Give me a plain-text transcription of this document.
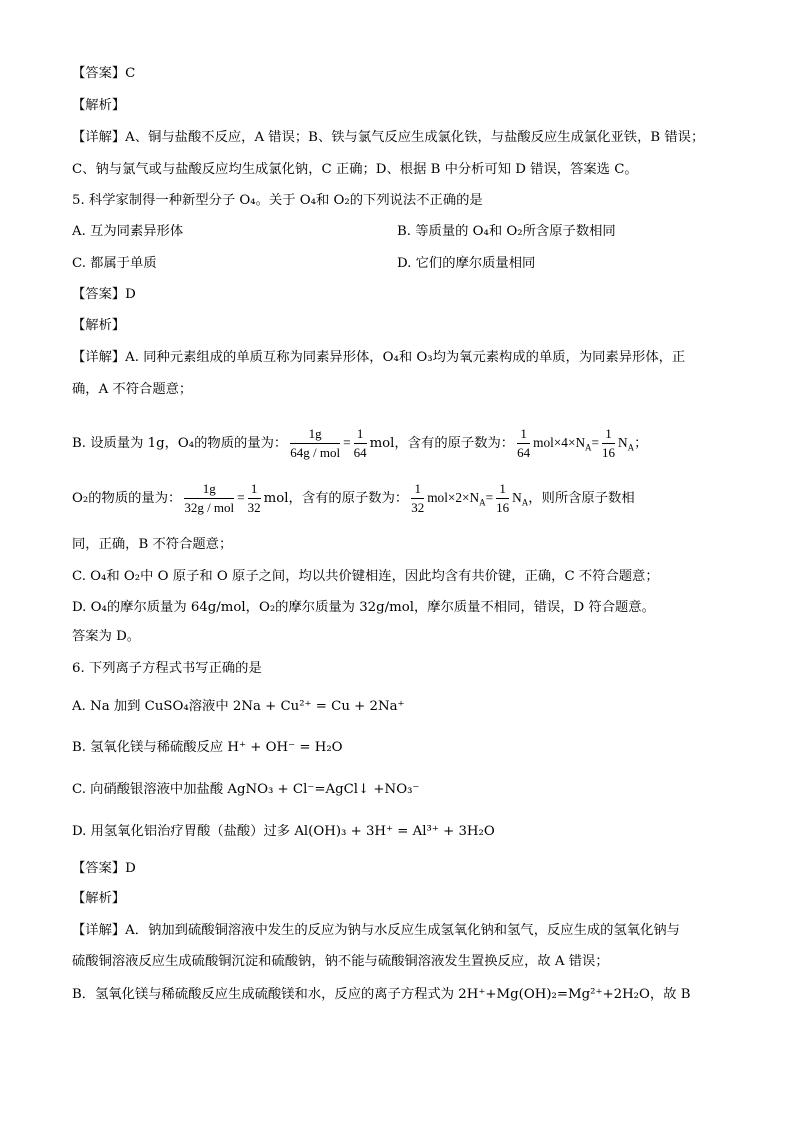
【答案】C
【解析】
【详解】A、铜与盐酸不反应，A 错误；B、铁与氯气反应生成氯化铁，与盐酸反应生成氯化亚铁，B 错误；
C、钠与氯气或与盐酸反应均生成氯化钠，C 正确；D、根据 B 中分析可知 D 错误，答案选 C。
5. 科学家制得一种新型分子 O₄。关于 O₄和 O₂的下列说法不正确的是
A. 互为同素异形体	B. 等质量的 O₄和 O₂所含原子数相同
C. 都属于单质	D. 它们的摩尔质量相同
【答案】D
【解析】
【详解】A. 同种元素组成的单质互称为同素异形体，O₄和 O₃均为氧元素构成的单质，为同素异形体，正
确，A 不符合题意；
B. 设质量为 1g，O₄的物质的量为： $\frac{1g}{\text{64g / mol}} = \frac{1}{64}$ mol，含有的原子数为： $\frac{1}{64} mol\times 4\times N_A= \frac{1}{16} N_A$；
O₂的物质的量为： $\frac{1g}{\text{32g / mol}} = \frac{1}{32}$ mol，含有的原子数为： $\frac{1}{32} mol\times 2\times N_A= \frac{1}{16} N_A$，则所含原子数相
同，正确，B 不符合题意；
C. O₄和 O₂中 O 原子和 O 原子之间，均以共价键相连，因此均含有共价键，正确，C 不符合题意；
D. O₄的摩尔质量为 64g/mol，O₂的摩尔质量为 32g/mol，摩尔质量不相同，错误，D 符合题意。
答案为 D。
6. 下列离子方程式书写正确的是
A. Na 加到 CuSO₄溶液中 2Na + Cu²⁺ = Cu + 2Na⁺
B. 氢氧化镁与稀硫酸反应 H⁺ + OH⁻ = H₂O
C. 向硝酸银溶液中加盐酸 AgNO₃ + Cl⁻=AgCl↓ +NO₃⁻
D. 用氢氧化铝治疗胃酸（盐酸）过多 Al(OH)₃ + 3H⁺ = Al³⁺ + 3H₂O
【答案】D
【解析】
【详解】A．钠加到硫酸铜溶液中发生的反应为钠与水反应生成氢氧化钠和氢气，反应生成的氢氧化钠与
硫酸铜溶液反应生成硫酸铜沉淀和硫酸钠，钠不能与硫酸铜溶液发生置换反应，故 A 错误；
B．氢氧化镁与稀硫酸反应生成硫酸镁和水，反应的离子方程式为 2H⁺+Mg(OH)₂=Mg²⁺+2H₂O，故 B
